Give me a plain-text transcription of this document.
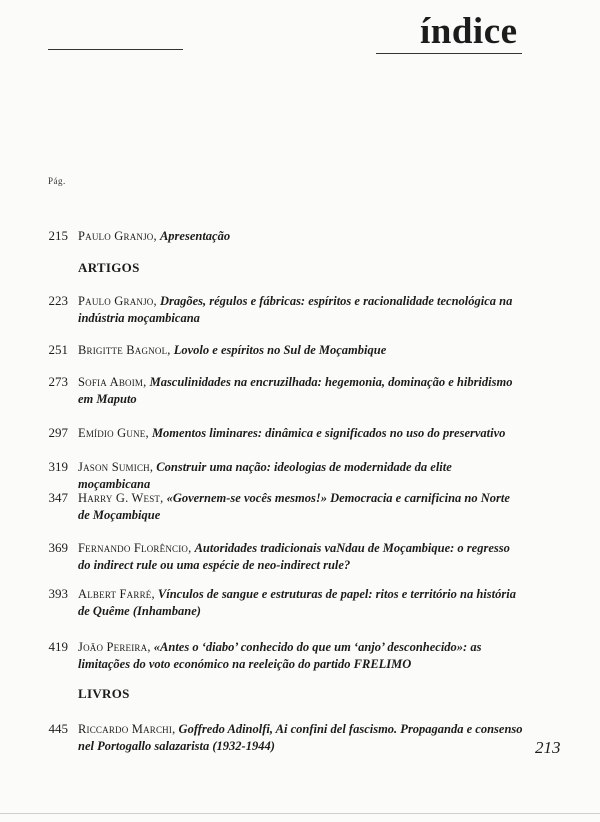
índice
Pág.
215 Paulo Granjo, Apresentação
ARTIGOS
223 Paulo Granjo, Dragões, régulos e fábricas: espíritos e racionalidade tecnológica na indústria moçambicana
251 Brigitte Bagnol, Lovolo e espíritos no Sul de Moçambique
273 Sofia Aboim, Masculinidades na encruzilhada: hegemonia, dominação e hibridismo em Maputo
297 Emídio Gune, Momentos liminares: dinâmica e significados no uso do preservativo
319 Jason Sumich, Construir uma nação: ideologias de modernidade da elite moçambicana
347 Harry G. West, «Governem-se vocês mesmos!» Democracia e carnificina no Norte de Moçambique
369 Fernando Florêncio, Autoridades tradicionais vaNdau de Moçambique: o regresso do indirect rule ou uma espécie de neo-indirect rule?
393 Albert Farré, Vínculos de sangue e estruturas de papel: ritos e território na história de Quême (Inhambane)
419 João Pereira, «Antes o ‘diabo’ conhecido do que um ‘anjo’ desconhecido»: as limitações do voto económico na reeleição do partido FRELIMO
LIVROS
445 Riccardo Marchi, Goffredo Adinolfi, Ai confini del fascismo. Propaganda e consenso nel Portogallo salazarista (1932-1944)	213
